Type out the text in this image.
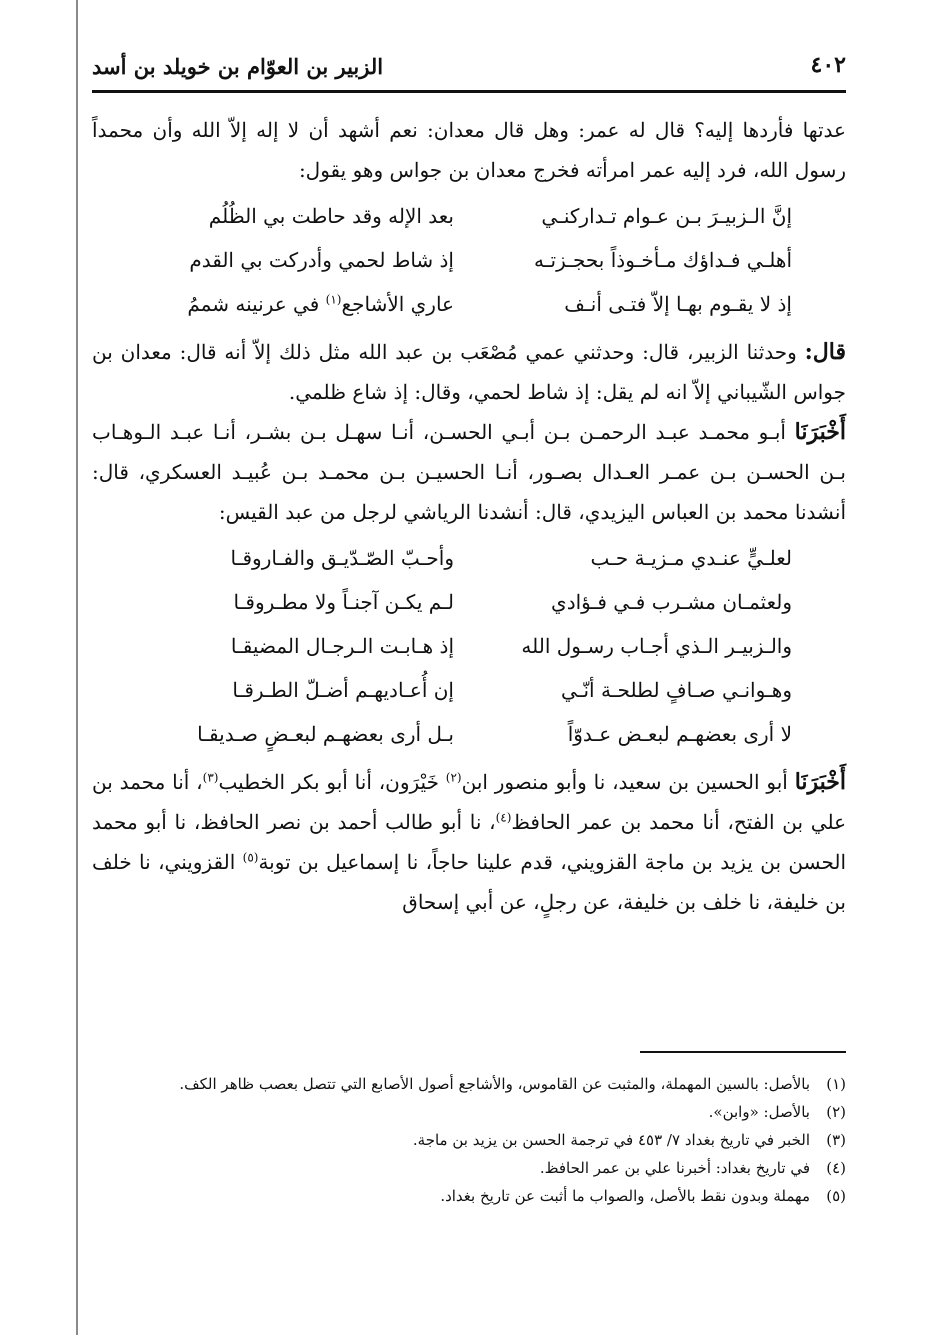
الزبير بن العوّام بن خويلد بن أسد	٤٠٢

عدتها فأردها إليه؟ قال له عمر: وهل قال معدان: نعم أشهد أن لا إله إلاّ الله وأن محمداً رسول الله، فرد إليه عمر امرأته فخرج معدان بن جواس وهو يقول:

إنَّ الـزبيـرَ بـن عـوام تـداركنـي
بعد الإله وقد حاطت بي الظُلُم
أهلـي فـداؤك مـأخـوذاً بحجـزتـه
إذ شاط لحمي وأدركت بي القدم
إذ لا يقـوم بهـا إلاّ فتـى أنـف
عاري الأشاجع$^{(١)}$ في عرنينه شممُ

قال: وحدثنا الزبير، قال: وحدثني عمي مُصْعَب بن عبد الله مثل ذلك إلاّ أنه قال: معدان بن جواس الشّيباني إلاّ انه لم يقل: إذ شاط لحمي، وقال: إذ شاع ظلمي.

أَخْبَرَنَا أبـو محمـد عبـد الرحمـن بـن أبـي الحسـن، أنـا سهـل بـن بشـر، أنـا عبـد الـوهـاب بـن الحسـن بـن عمـر العـدال بصـور، أنـا الحسيـن بـن محمـد بـن عُبيـد العسكري، قال: أنشدنا محمد بن العباس اليزيدي، قال: أنشدنا الرياشي لرجل من عبد القيس:

لعلـيٍّ عنـدي مـزيـة حـب
وأحـبّ الصّـدّيـق والفـاروقـا
ولعثمـان مشـرب فـي فـؤادي
لـم يكـن آجنـاً ولا مطـروقـا
والـزبيـر الـذي أجـاب رسـول الله
إذ هـابـت الـرجـال المضيقـا
وهـوانـي صـافٍ لطلحـة أنّـي
إن أُعـاديهـم أضـلّ الطـرقـا
لا أرى بعضهـم لبعـض عـدوّاً
بـل أرى بعضهـم لبعـضٍ صـديقـا

أَخْبَرَنَا أبو الحسين بن سعيد، نا وأبو منصور ابن$^{(٢)}$ خَيْرَون، أنا أبو بكر الخطيب$^{(٣)}$، أنا محمد بن علي بن الفتح، أنا محمد بن عمر الحافظ$^{(٤)}$، نا أبو طالب أحمد بن نصر الحافظ، نا أبو محمد الحسن بن يزيد بن ماجة القزويني، قدم علينا حاجاً، نا إسماعيل بن توبة$^{(٥)}$ القزويني، نا خلف بن خليفة، نا خلف بن خليفة، عن رجلٍ، عن أبي إسحاق

(١)
بالأصل: بالسين المهملة، والمثبت عن القاموس، والأشاجع أصول الأصابع التي تتصل بعصب ظاهر الكف.
(٢)
بالأصل: «وابن».
(٣)
الخبر في تاريخ بغداد ٧/ ٤٥٣ في ترجمة الحسن بن يزيد بن ماجة.
(٤)
في تاريخ بغداد: أخبرنا علي بن عمر الحافظ.
(٥)
مهملة وبدون نقط بالأصل، والصواب ما أثبت عن تاريخ بغداد.
